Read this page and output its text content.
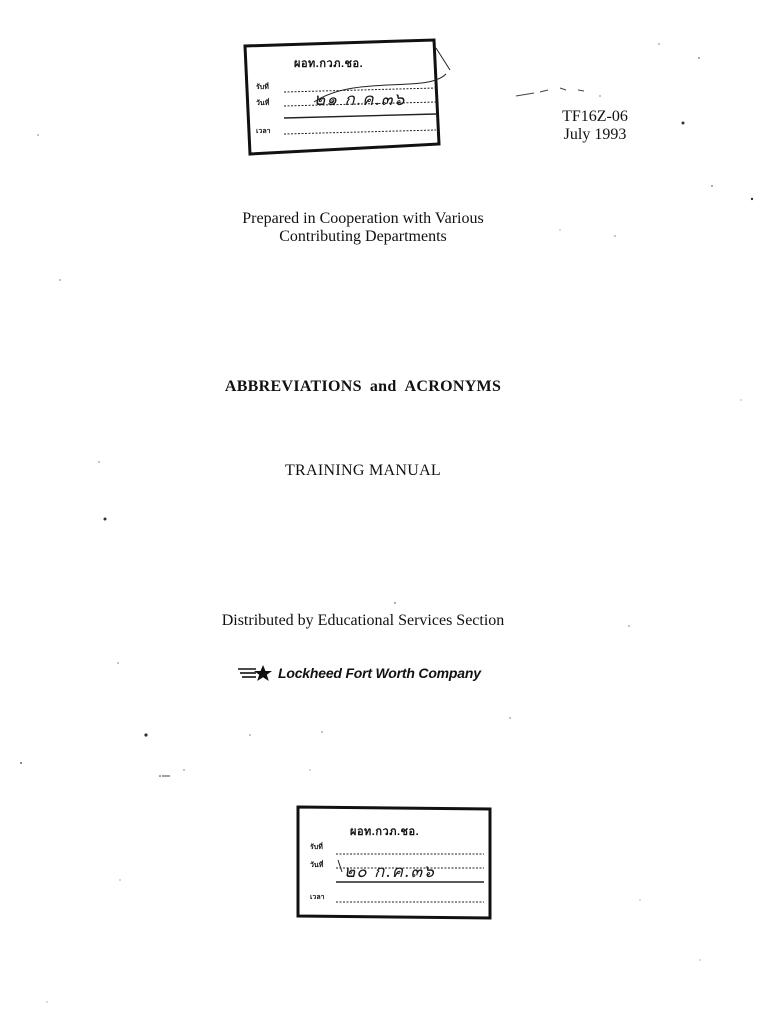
ผอท.กวภ.ชอ.
รับที่
วันที่
เวลา
๒๑ ก.ค.๓๖
TF16Z-06
July 1993
Prepared in Cooperation with Various
Contributing Departments
ABBREVIATIONS and ACRONYMS
TRAINING MANUAL
Distributed by Educational Services Section
Lockheed Fort Worth Company
ผอท.กวภ.ชอ.
รับที่
วันที่
เวลา
๒๐ ก.ค.๓๖
